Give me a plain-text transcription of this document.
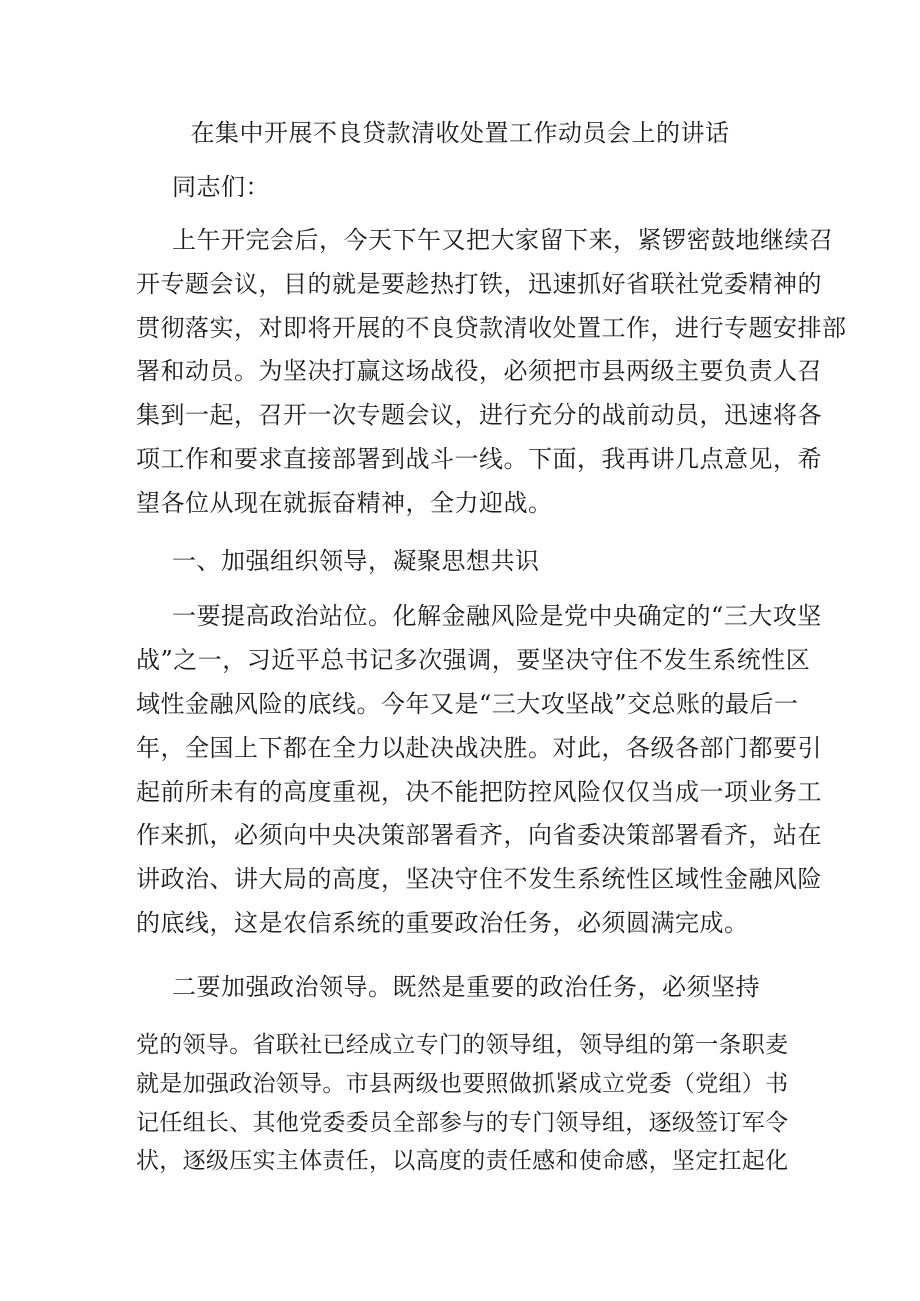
在集中开展不良贷款清收处置工作动员会上的讲话
同志们：
上午开完会后，今天下午又把大家留下来，紧锣密鼓地继续召
开专题会议，目的就是要趁热打铁，迅速抓好省联社党委精神的
贯彻落实，对即将开展的不良贷款清收处置工作，进行专题安排部
署和动员。为坚决打赢这场战役，必须把市县两级主要负责人召
集到一起，召开一次专题会议，进行充分的战前动员，迅速将各
项工作和要求直接部署到战斗一线。下面，我再讲几点意见，希
望各位从现在就振奋精神，全力迎战。
一、加强组织领导，凝聚思想共识
一要提高政治站位。化解金融风险是党中央确定的“三大攻坚
战”之一，习近平总书记多次强调，要坚决守住不发生系统性区
域性金融风险的底线。今年又是“三大攻坚战”交总账的最后一
年，全国上下都在全力以赴决战决胜。对此，各级各部门都要引
起前所未有的高度重视，决不能把防控风险仅仅当成一项业务工
作来抓，必须向中央决策部署看齐，向省委决策部署看齐，站在
讲政治、讲大局的高度，坚决守住不发生系统性区域性金融风险
的底线，这是农信系统的重要政治任务，必须圆满完成。
二要加强政治领导。既然是重要的政治任务，必须坚持
党的领导。省联社已经成立专门的领导组，领导组的第一条职麦
就是加强政治领导。市县两级也要照做抓紧成立党委（党组）书
记任组长、其他党委委员全部参与的专门领导组，逐级签订军令
状，逐级压实主体责任，以高度的责任感和使命感，坚定扛起化
